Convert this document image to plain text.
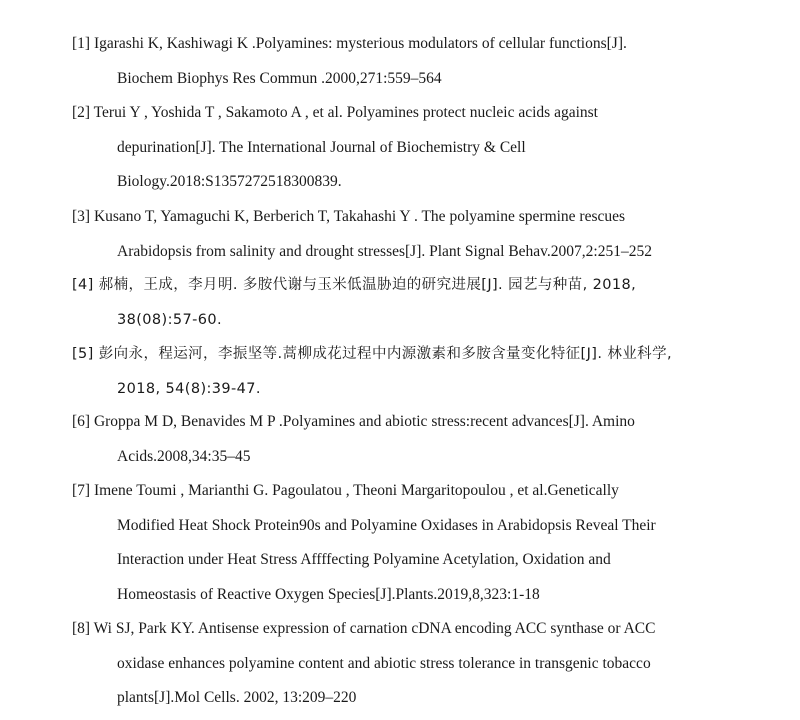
[1] Igarashi K, Kashiwagi K .Polyamines: mysterious modulators of cellular functions[J].
Biochem Biophys Res Commun .2000,271:559–564
[2] Terui Y , Yoshida T , Sakamoto A , et al. Polyamines protect nucleic acids against
depurination[J]. The International Journal of Biochemistry & Cell
Biology.2018:S1357272518300839.
[3] Kusano T, Yamaguchi K, Berberich T, Takahashi Y . The polyamine spermine rescues
Arabidopsis from salinity and drought stresses[J]. Plant Signal Behav.2007,2:251–252
[4] 郝楠，王成，李月明. 多胺代谢与玉米低温胁迫的研究进展[J]. 园艺与种苗, 2018,
38(08):57-60.
[5] 彭向永，程运河，李振坚等.蒿柳成花过程中内源激素和多胺含量变化特征[J]. 林业科学,
2018, 54(8):39-47.
[6] Groppa M D, Benavides M P .Polyamines and abiotic stress:recent advances[J]. Amino
Acids.2008,34:35–45
[7] Imene Toumi , Marianthi G. Pagoulatou , Theoni Margaritopoulou , et al.Genetically
Modified Heat Shock Protein90s and Polyamine Oxidases in Arabidopsis Reveal Their
Interaction under Heat Stress Affffecting Polyamine Acetylation, Oxidation and
Homeostasis of Reactive Oxygen Species[J].Plants.2019,8,323:1-18
[8] Wi SJ, Park KY. Antisense expression of carnation cDNA encoding ACC synthase or ACC
oxidase enhances polyamine content and abiotic stress tolerance in transgenic tobacco
plants[J].Mol Cells. 2002, 13:209–220
